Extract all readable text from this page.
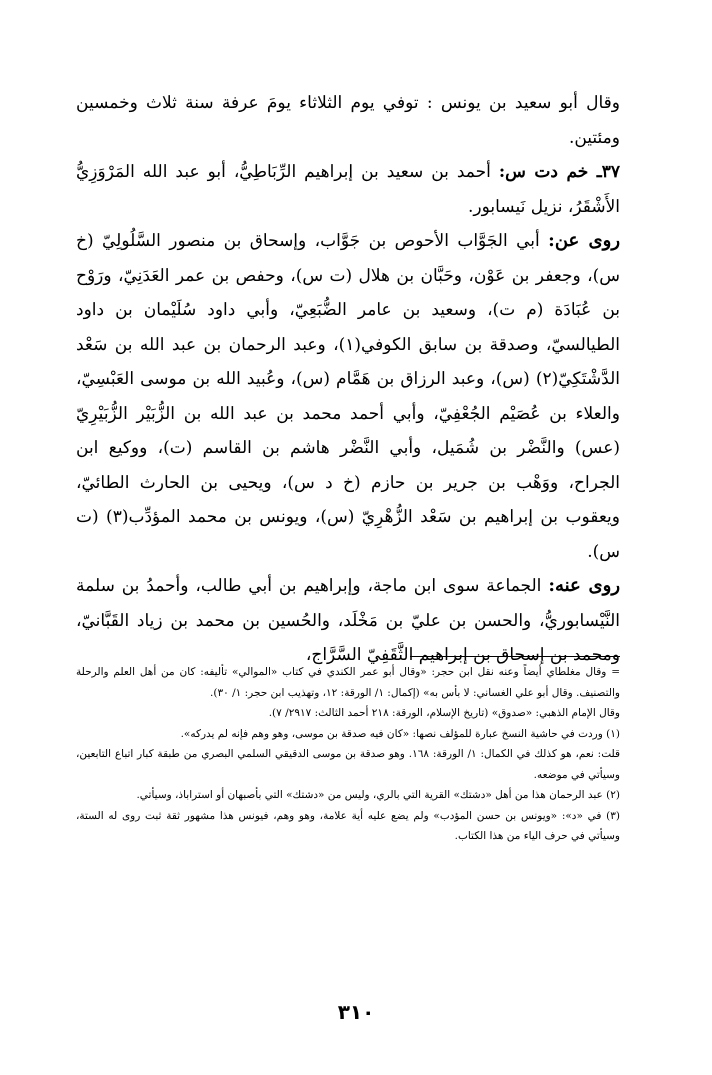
وقال أبو سعيد بن يونس : توفي يوم الثلاثاء يومَ عرفة سنة ثلاث وخمسين ومئتين.

٣٧ـ خم دت س: أحمد بن سعيد بن إبراهيم الرِّبَاطِيُّ، أبو عبد الله المَرْوَزِيُّ الأَشْقَرُ، نزيل نَيسابور.

روى عن: أبي الجَوَّاب الأحوص بن جَوَّاب، وإسحاق بن منصور السَّلُولِيّ (خ س)، وجعفر بن عَوْن، وحَبَّان بن هلال (ت س)، وحفص بن عمر العَدَنِيّ، ورَوْح بن عُبَادَة (م ت)، وسعيد بن عامر الضُّبَعِيّ، وأبي داود سُلَيْمان بن داود الطيالسيّ، وصدقة بن سابق الكوفي(١)، وعبد الرحمان بن عبد الله بن سَعْد الدَّشْتَكِيّ(٢) (س)، وعبد الرزاق بن هَمَّام (س)، وعُبيد الله بن موسى العَبْسِيّ، والعلاء بن عُصَيْم الجُعْفِيّ، وأبي أحمد محمد بن عبد الله بن الزُّبَيْر الزُّبَيْرِيّ (عس) والنَّضْر بن شُمَيل، وأبي النَّضْر هاشم بن القاسم (ت)، ووكيع ابن الجراح، ووَهْب بن جرير بن حازم (خ د س)، ويحيى بن الحارث الطائيّ، ويعقوب بن إبراهيم بن سَعْد الزُّهْرِيّ (س)، ويونس بن محمد المؤدِّب(٣) (ت س).

روى عنه: الجماعة سوى ابن ماجة، وإبراهيم بن أبي طالب، وأحمدُ بن سلمة النَّيْسابوريُّ، والحسن بن عليّ بن مَخْلَد، والحُسين بن محمد بن زياد القَبَّانيّ، ومحمد بن إسحاق بن إبراهيم الثَّقَفِيّ السَّرَّاج،

= وقال مغلطاي أيضاً وعنه نقل ابن حجر: «وقال أبو عمر الكندي في كتاب «الموالي» تأليفه: كان من أهل العلم والرحلة والتصنيف. وقال أبو علي الغساني: لا بأس به» (إكمال: ١/ الورقة: ١٢، وتهذيب ابن حجر: ١/ ٣٠).

وقال الإمام الذهبي: «صدوق» (تاريخ الإسلام، الورقة: ٢١٨ أحمد الثالث: ٢٩١٧/ ٧).

(١) وردت في حاشية النسخ عبارة للمؤلف نصها: «كان فيه صدقة بن موسى، وهو وهم فإنه لم يدركه».

قلت: نعم، هو كذلك في الكمال: ١/ الورقة: ١٦٨. وهو صدقة بن موسى الدقيقي السلمي البصري من طبقة كبار اتباع التابعين، وسيأتي في موضعه.

(٢) عبد الرحمان هذا من أهل «دشتك» القرية التي بالري، وليس من «دشتك» التي بأصبهان أو استراباذ، وسيأتي.

(٣) في «د»: «ويونس بن حسن المؤدب» ولم يضع عليه أية علامة، وهو وهم، فيونس هذا مشهور ثقة ثبت روى له الستة، وسيأتي في حرف الياء من هذا الكتاب.

٣١٠
